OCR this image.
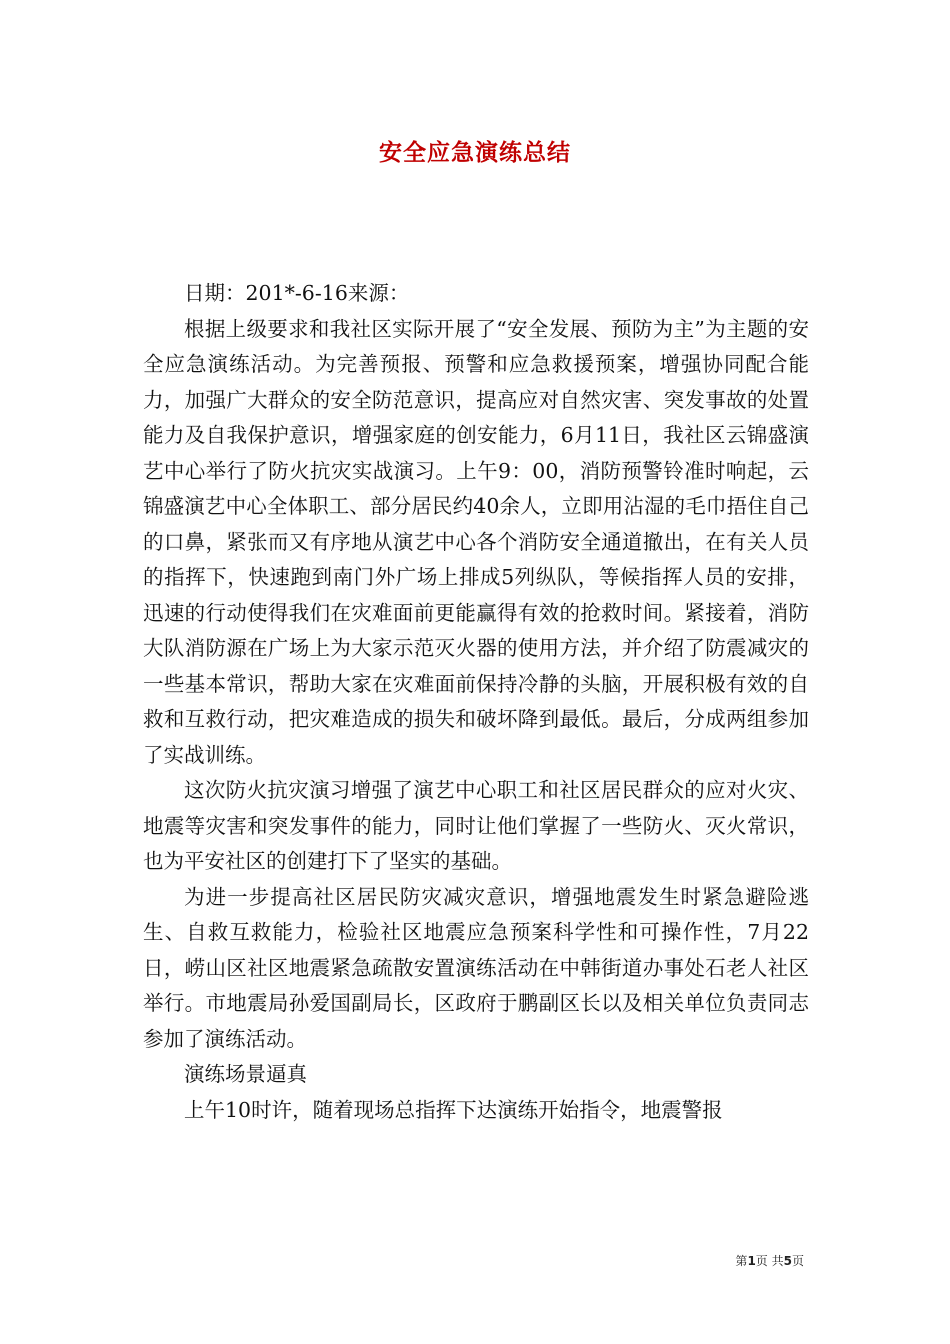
安全应急演练总结

日期：201*-6-16来源：

根据上级要求和我社区实际开展了“安全发展、预防为主”为主题的安全应急演练活动。为完善预报、预警和应急救援预案，增强协同配合能力，加强广大群众的安全防范意识，提高应对自然灾害、突发事故的处置能力及自我保护意识，增强家庭的创安能力，6月11日，我社区云锦盛演艺中心举行了防火抗灾实战演习。上午9：00，消防预警铃准时响起，云锦盛演艺中心全体职工、部分居民约40余人，立即用沾湿的毛巾捂住自己的口鼻，紧张而又有序地从演艺中心各个消防安全通道撤出，在有关人员的指挥下，快速跑到南门外广场上排成5列纵队，等候指挥人员的安排，迅速的行动使得我们在灾难面前更能赢得有效的抢救时间。紧接着，消防大队消防源在广场上为大家示范灭火器的使用方法，并介绍了防震减灾的一些基本常识，帮助大家在灾难面前保持冷静的头脑，开展积极有效的自救和互救行动，把灾难造成的损失和破坏降到最低。最后，分成两组参加了实战训练。

这次防火抗灾演习增强了演艺中心职工和社区居民群众的应对火灾、地震等灾害和突发事件的能力，同时让他们掌握了一些防火、灭火常识，也为平安社区的创建打下了坚实的基础。

为进一步提高社区居民防灾减灾意识，增强地震发生时紧急避险逃生、自救互救能力，检验社区地震应急预案科学性和可操作性，7月22日，崂山区社区地震紧急疏散安置演练活动在中韩街道办事处石老人社区举行。市地震局孙爱国副局长，区政府于鹏副区长以及相关单位负责同志参加了演练活动。

演练场景逼真

上午10时许，随着现场总指挥下达演练开始指令，地震警报

第1页 共5页
